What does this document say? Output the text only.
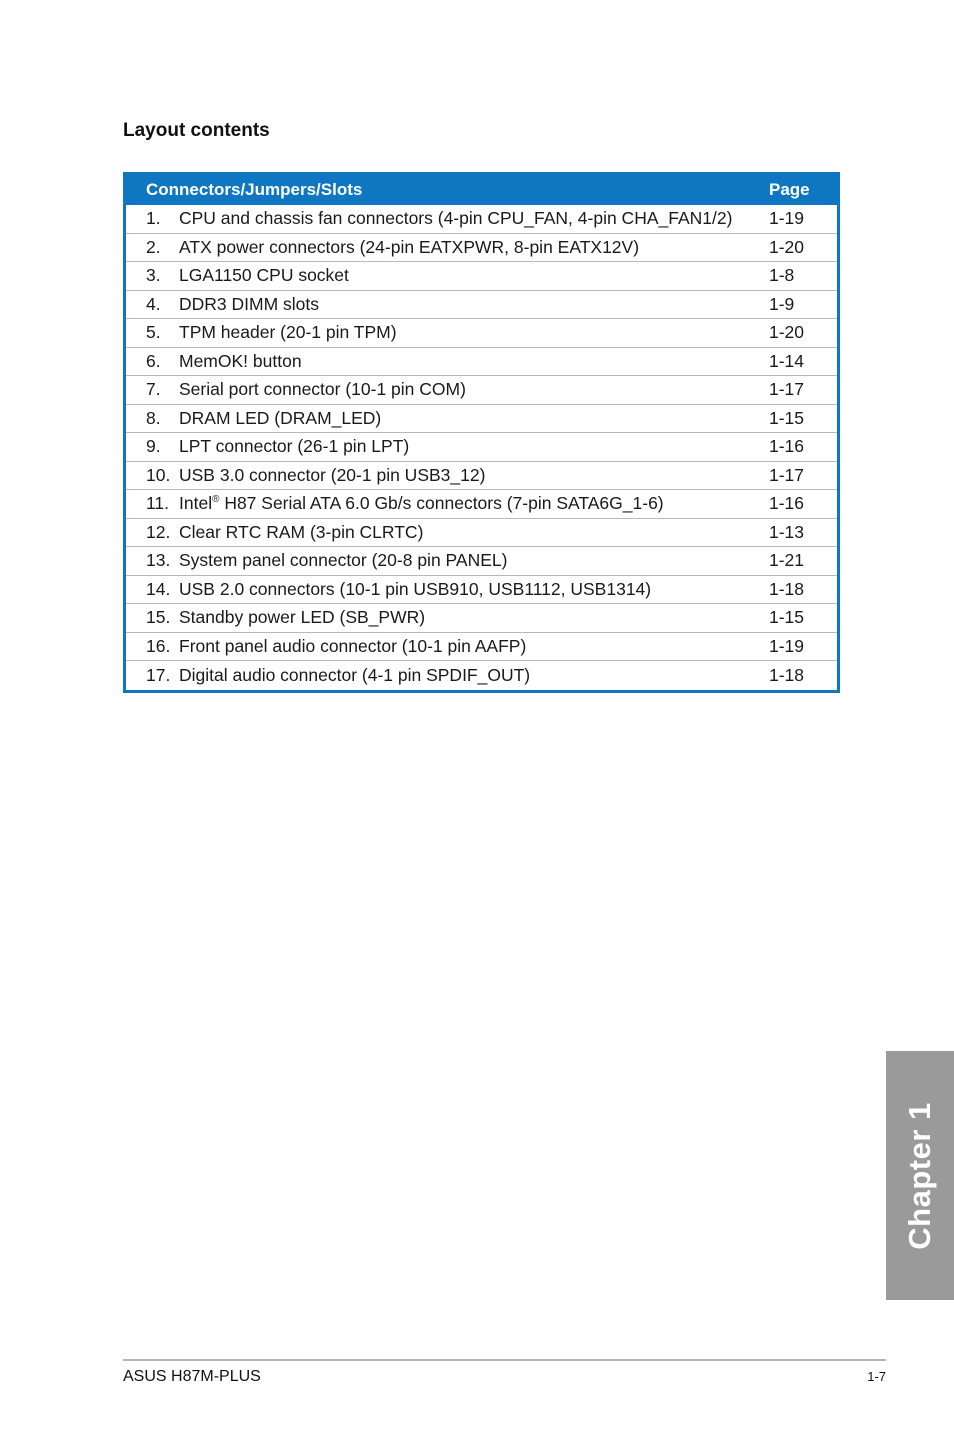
Layout contents
Connectors/Jumpers/Slots		Page
1.	CPU and chassis fan connectors (4-pin CPU_FAN, 4-pin CHA_FAN1/2)	1-19
2.	ATX power connectors (24-pin EATXPWR, 8-pin EATX12V)	1-20
3.	LGA1150 CPU socket	1-8
4.	DDR3 DIMM slots	1-9
5.	TPM header (20-1 pin TPM)	1-20
6.	MemOK! button	1-14
7.	Serial port connector (10-1 pin COM)	1-17
8.	DRAM LED (DRAM_LED)	1-15
9.	LPT connector (26-1 pin LPT)	1-16
10.	USB 3.0 connector (20-1 pin USB3_12)	1-17
11.	Intel® H87 Serial ATA 6.0 Gb/s connectors (7-pin SATA6G_1-6)	1-16
12.	Clear RTC RAM (3-pin CLRTC)	1-13
13.	System panel connector (20-8 pin PANEL)	1-21
14.	USB 2.0 connectors (10-1 pin USB910, USB1112, USB1314)	1-18
15.	Standby power LED (SB_PWR)	1-15
16.	Front panel audio connector (10-1 pin AAFP)	1-19
17.	Digital audio connector (4-1 pin SPDIF_OUT)	1-18
Chapter 1
ASUS H87M-PLUS	1-7
